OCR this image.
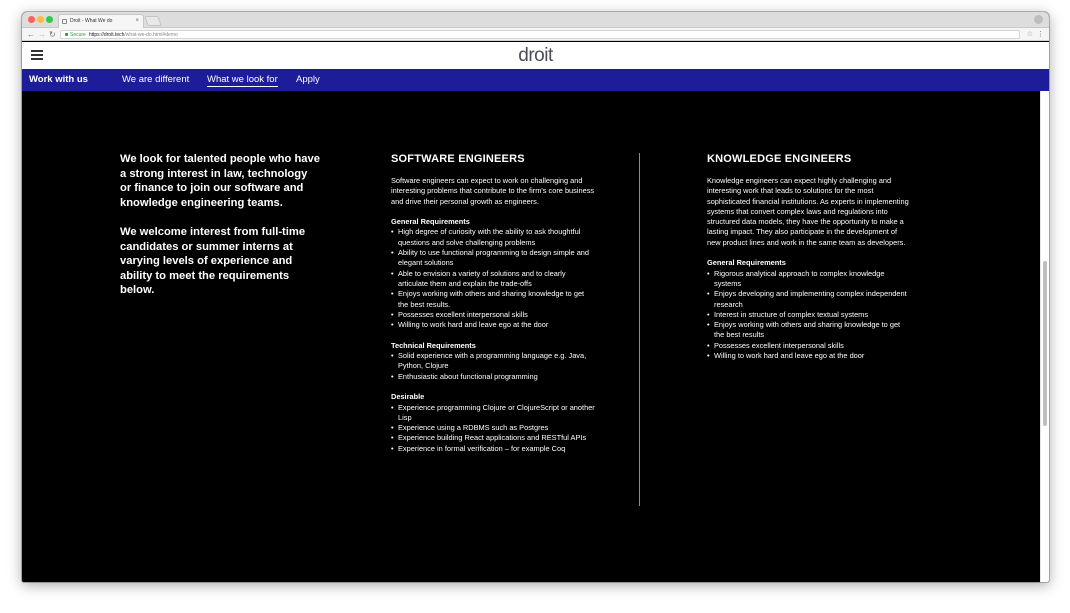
Droit - What We do	×
← → ↻	Secure https://droit.tech/what-we-do.html#demo	☆ ⋮
droit
Work with us	We are different What we look for Apply

We look for talented people who have a strong interest in law, technology or finance to join our software and knowledge engineering teams.

We welcome interest from full-time candidates or summer interns at varying levels of experience and ability to meet the requirements below.

SOFTWARE ENGINEERS

Software engineers can expect to work on challenging and interesting problems that contribute to the firm's core business and drive their personal growth as engineers.

General Requirements

• High degree of curiosity with the ability to ask thoughtful questions and solve challenging problems
• Ability to use functional programming to design simple and elegant solutions
• Able to envision a variety of solutions and to clearly articulate them and explain the trade-offs
• Enjoys working with others and sharing knowledge to get the best results.
• Possesses excellent interpersonal skills
• Willing to work hard and leave ego at the door

Technical Requirements

• Solid experience with a programming language e.g. Java, Python, Clojure
• Enthusiastic about functional programming

Desirable

• Experience programming Clojure or ClojureScript or another Lisp
• Experience using a RDBMS such as Postgres
• Experience building React applications and RESTful APIs
• Experience in formal verification – for example Coq
KNOWLEDGE ENGINEERS

Knowledge engineers can expect highly challenging and interesting work that leads to solutions for the most sophisticated financial institutions. As experts in implementing systems that convert complex laws and regulations into structured data models, they have the opportunity to make a lasting impact. They also participate in the development of new product lines and work in the same team as developers.

General Requirements

• Rigorous analytical approach to complex knowledge systems
• Enjoys developing and implementing complex independent research
• Interest in structure of complex textual systems
• Enjoys working with others and sharing knowledge to get the best results
• Possesses excellent interpersonal skills
• Willing to work hard and leave ego at the door
